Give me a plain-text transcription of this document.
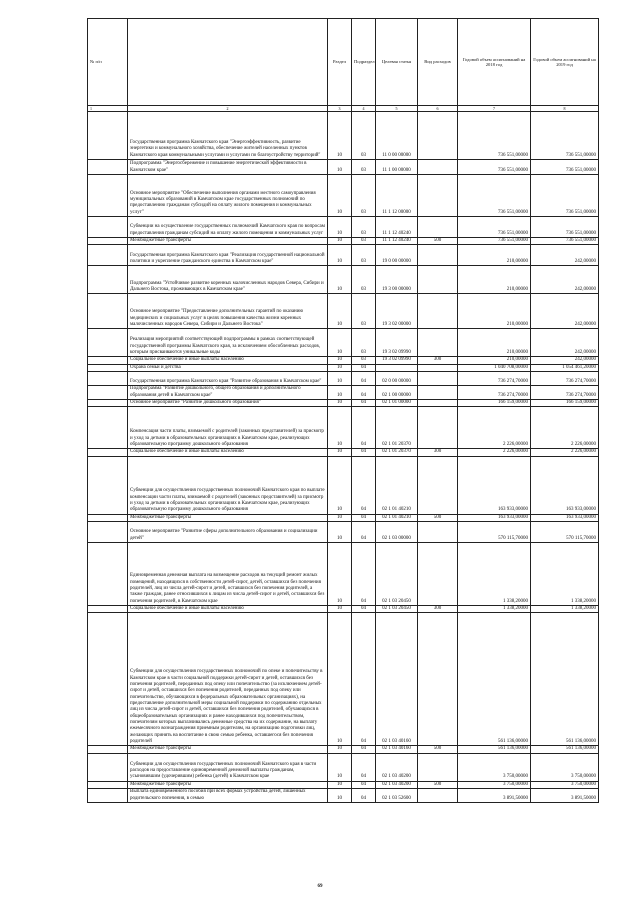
№ п/п		Раздел	Подраздел	Целевая статья	Вид расходов	Годовой объем ассигнований на 2018 год	Годовой объем ассигнований на 2019 год
1	2	3	4	5	6	7	8
	Государственная программа Камчатского края "Энергоэффективность, развитие энергетики и коммунального хозяйства, обеспечение жителей населенных пунктов Камчатского края коммунальными услугами и услугами по благоустройству территорий"	10	03	11 0 00 00000		736 551,00000	736 551,00000
	Подпрограмма "Энергосбережение и повышение энергетической эффективности в Камчатском крае"	10	03	11 1 00 00000		736 551,00000	736 551,00000
	Основное мероприятие "Обеспечение выполнения органами местного самоуправления муниципальных образований в Камчатском крае государственных полномочий по предоставлению гражданам субсидий на оплату жилого помещения и коммунальных услуг"	10	03	11 1 12 00000		736 551,00000	736 551,00000
	Субвенции на осуществление государственных полномочий Камчатского края по вопросам предоставления гражданам субсидий на оплату жилого помещения и коммунальных услуг	10	03	11 1 12 40240		736 551,00000	736 551,00000
	Межбюджетные трансферты	10	03	11 1 12 40240	500	736 551,00000	736 551,00000
	Государственная программа Камчатского края "Реализация государственной национальной политики и укрепление гражданского единства в Камчатском крае"	10	03	19 0 00 00000		210,00000	242,00000
	Подпрограмма "Устойчивое развитие коренных малочисленных народов Севера, Сибири и Дальнего Востока, проживающих в Камчатском крае"	10	03	19 3 00 00000		210,00000	242,00000
	Основное мероприятие "Предоставление дополнительных гарантий по оказанию медицинских и социальных услуг в целях повышения качества жизни коренных малочисленных народов Севера, Сибири и Дальнего Востока"	10	03	19 3 02 00000		210,00000	242,00000
	Реализация мероприятий соответствующей подпрограммы в рамках соответствующей государственной программы Камчатского края, за исключением обособленных расходов, которым присваиваются уникальные коды	10	03	19 3 02 09990		210,00000	242,00000
	Социальное обеспечение и иные выплаты населению	10	03	19 3 02 09990	300	210,00000	242,00000
	Охрана семьи и детства	10	04			1 040 708,00000	1 054 461,20000
	Государственная программа Камчатского края "Развитие образования в Камчатском крае"	10	04	02 0 00 00000		736 274,70000	736 274,70000
	Подпрограмма "Развитие дошкольного, общего образования и дополнительного образования детей в Камчатском крае"	10	04	02 1 00 00000		736 274,70000	736 274,70000
	Основное мероприятие "Развитие дошкольного образования"	10	04	02 1 01 00000		166 159,00000	166 159,00000
	Компенсация части платы, взимаемой с родителей (законных представителей) за присмотр и уход за детьми в образовательных организациях в Камчатском крае, реализующих образовательную программу дошкольного образования	10	04	02 1 01 20370		2 226,00000	2 226,00000
	Социальное обеспечение и иные выплаты населению	10	04	02 1 01 20370	300	2 226,00000	2 226,00000
	Субвенции для осуществления государственных полномочий Камчатского края по выплате компенсации части платы, взимаемой с родителей (законных представителей) за присмотр и уход за детьми в образовательных организациях в Камчатском крае, реализующих образовательную программу дошкольного образования	10	04	02 1 01 40210		163 933,00000	163 933,00000
	Межбюджетные трансферты	10	04	02 1 01 40210	500	163 933,00000	163 933,00000
	Основное мероприятие "Развитие сферы дополнительного образования и социализации детей"	10	04	02 1 03 00000		570 115,70000	570 115,70000
	Единовременная денежная выплата на возмещение расходов на текущий ремонт жилых помещений, находящихся в собственности детей-сирот, детей, оставшихся без попечения родителей, лиц из числа детей-сирот и детей, оставшихся без попечения родителей, а также граждан, ранее относившихся к лицам из числа детей-сирот и детей, оставшихся без попечения родителей, в Камчатском крае	10	04	02 1 03 20450		1 338,20000	1 338,20000
	Социальное обеспечение и иные выплаты населению	10	04	02 1 03 20450	300	1 338,20000	1 338,20000
	Субвенции для осуществления государственных полномочий по опеке и попечительству в Камчатском крае в части социальной поддержки детей-сирот и детей, оставшихся без попечения родителей, переданных под опеку или попечительство (за исключением детей-сирот и детей, оставшихся без попечения родителей, переданных под опеку или попечительство, обучающихся в федеральных образовательных организациях), на предоставление дополнительной меры социальной поддержки по содержанию отдельных лиц из числа детей-сирот и детей, оставшихся без попечения родителей, обучающихся в общеобразовательных организациях и ранее находившихся под попечительством, попечителям которых выплачивались денежные средства на их содержание, на выплату ежемесячного вознаграждения приемным родителям, на организацию подготовки лиц, желающих принять на воспитание в свою семью ребенка, оставшегося без попечения родителей	10	04	02 1 03 40160		561 136,00000	561 136,00000
	Межбюджетные трансферты	10	04	02 1 03 40160	500	561 136,00000	561 136,00000
	Субвенции для осуществления государственных полномочий Камчатского края в части расходов на предоставление единовременной денежной выплаты гражданам, усыновившим (удочерившим) ребенка (детей) в Камчатском крае	10	04	02 1 03 40200		3 750,00000	3 750,00000
	Межбюджетные трансферты	10	04	02 1 03 40200	500	3 750,00000	3 750,00000
	Выплата единовременного пособия при всех формах устройства детей, лишенных родительского попечения, в семью	10	04	02 1 03 52600		3 891,50000	3 891,50000
69
